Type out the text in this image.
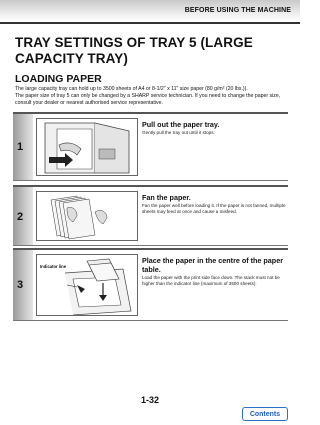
BEFORE USING THE MACHINE
TRAY SETTINGS OF TRAY 5 (LARGE CAPACITY TRAY)
LOADING PAPER
The large capacity tray can hold up to 3500 sheets of A4 or 8-1/2" x 11" size paper (80 g/m² (20 lbs.)).
The paper size of tray 5 can only be changed by a SHARP service technician. If you need to change the paper size,
consult your dealer or nearest authorised service representative.
1
Pull out the paper tray.
Gently pull the tray out until it stops.
2
Fan the paper.
Fan the paper well before loading it. If the paper is not fanned, multiple sheets may feed at once and cause a misfeed.
3
Indicator line
Place the paper in the centre of the paper table.
Load the paper with the print side face down. The stack must not be higher than the indicator line (maximum of 3500 sheets).
1-32
Contents
